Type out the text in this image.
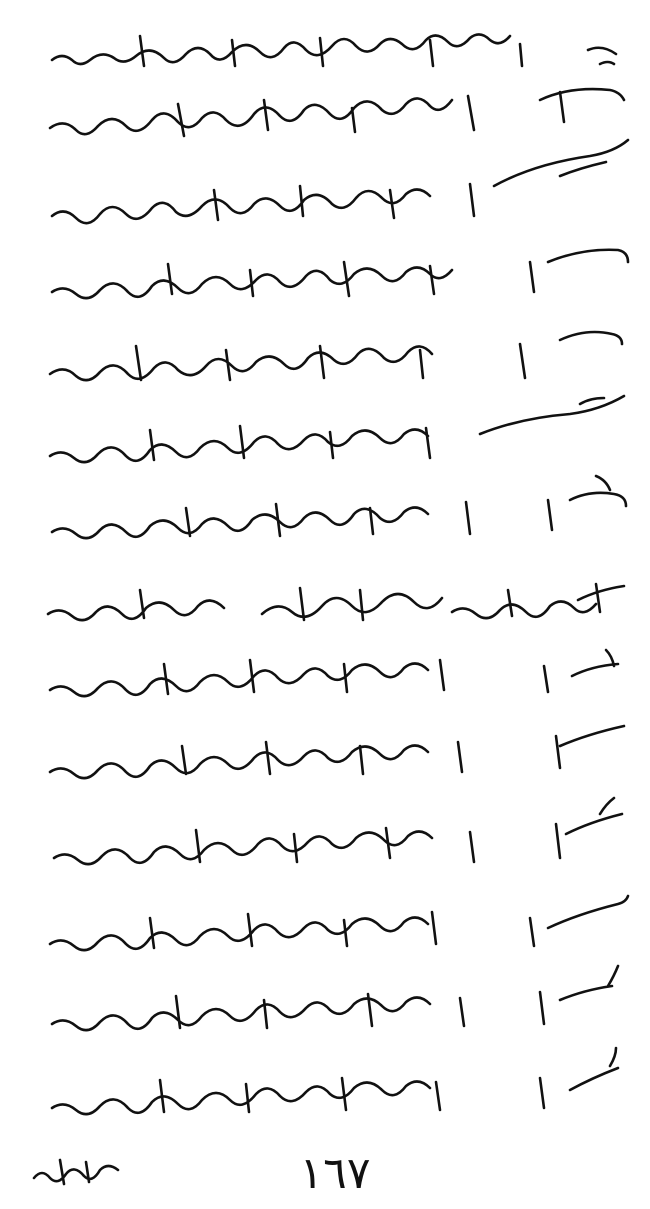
١٦٧
